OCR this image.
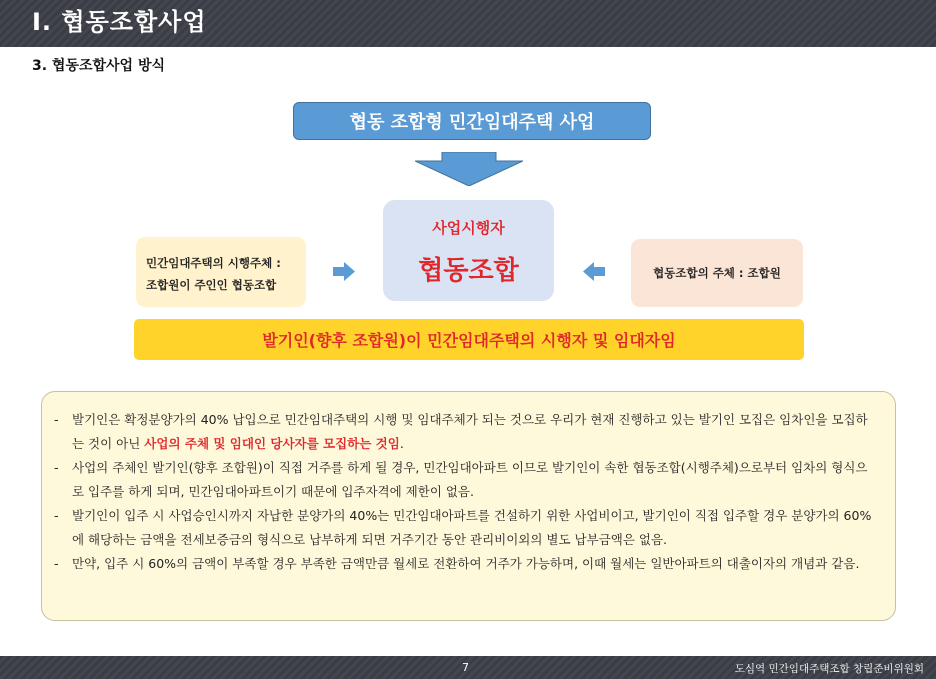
Ⅰ. 협동조합사업
3. 협동조합사업 방식
협동 조합형 민간임대주택 사업
민간임대주택의 시행주체 :
조합원이 주인인 협동조합
사업시행자
협동조합	협동조합의 주체 : 조합원
발기인(향후 조합원)이 민간임대주택의 시행자 및 임대자임
-	발기인은 확정분양가의 40% 납입으로 민간임대주택의 시행 및 임대주체가 되는 것으로 우리가 현재 진행하고 있는 발기인 모집은 임차인을 모집하는 것이 아닌 사업의 주체 및 임대인 당사자를 모집하는 것임.
-	사업의 주체인 발기인(향후 조합원)이 직접 거주를 하게 될 경우, 민간임대아파트 이므로 발기인이 속한 협동조합(시행주체)으로부터 임차의 형식으로 입주를 하게 되며, 민간임대아파트이기 때문에 입주자격에 제한이 없음.
-	발기인이 입주 시 사업승인시까지 자납한 분양가의 40%는 민간임대아파트를 건설하기 위한 사업비이고, 발기인이 직접 입주할 경우 분양가의 60%에 해당하는 금액을 전세보증금의 형식으로 납부하게 되면 거주기간 동안 관리비이외의 별도 납부금액은 없음.
-	만약, 입주 시 60%의 금액이 부족할 경우 부족한 금액만큼 월세로 전환하여 거주가 가능하며, 이때 월세는 일반아파트의 대출이자의 개념과 같음.
7	도심역 민간임대주택조합 창립준비위원회
